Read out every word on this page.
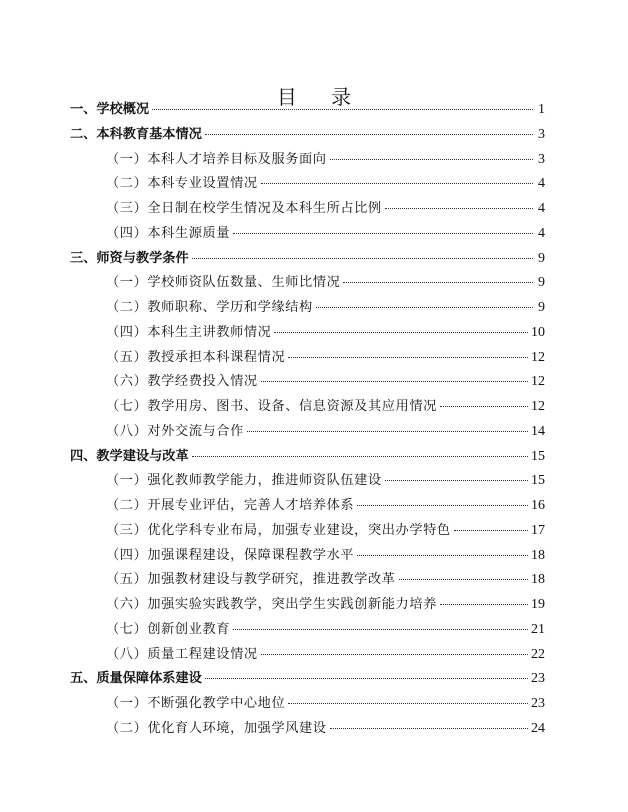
目 录
一、学校概况	1
二、本科教育基本情况	3
（一）本科人才培养目标及服务面向	3
（二）本科专业设置情况	4
（三）全日制在校学生情况及本科生所占比例	4
（四）本科生源质量	4
三、师资与教学条件	9
（一）学校师资队伍数量、生师比情况	9
（二）教师职称、学历和学缘结构	9
（四）本科生主讲教师情况	10
（五）教授承担本科课程情况	12
（六）教学经费投入情况	12
（七）教学用房、图书、设备、信息资源及其应用情况	12
（八）对外交流与合作	14
四、教学建设与改革	15
（一）强化教师教学能力，推进师资队伍建设	15
（二）开展专业评估，完善人才培养体系	16
（三）优化学科专业布局，加强专业建设，突出办学特色	17
（四）加强课程建设，保障课程教学水平	18
（五）加强教材建设与教学研究，推进教学改革	18
（六）加强实验实践教学，突出学生实践创新能力培养	19
（七）创新创业教育	21
（八）质量工程建设情况	22
五、质量保障体系建设	23
（一）不断强化教学中心地位	23
（二）优化育人环境，加强学风建设	24
